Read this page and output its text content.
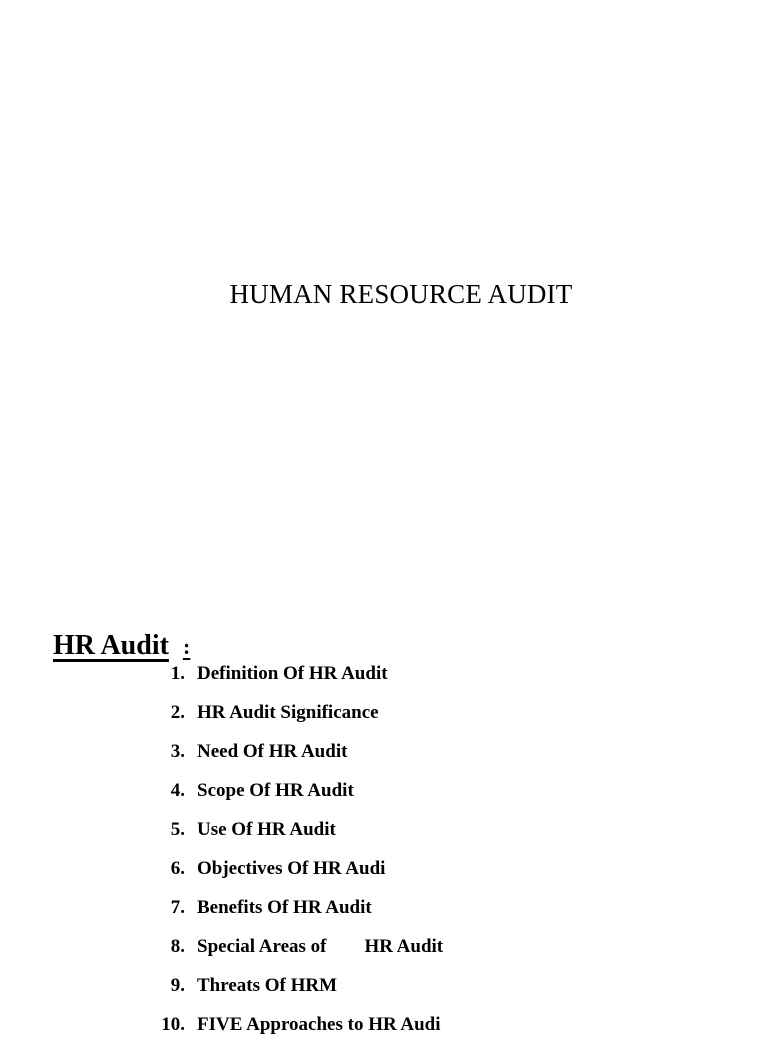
HUMAN RESOURCE AUDIT
HR Audit :
1. Definition Of HR Audit
2. HR Audit Significance
3. Need Of HR Audit
4. Scope Of HR Audit
5. Use Of HR Audit
6. Objectives Of HR Audi
7. Benefits Of HR Audit
8. Special Areas of        HR Audit
9. Threats Of HRM
10. FIVE Approaches to HR Audi
